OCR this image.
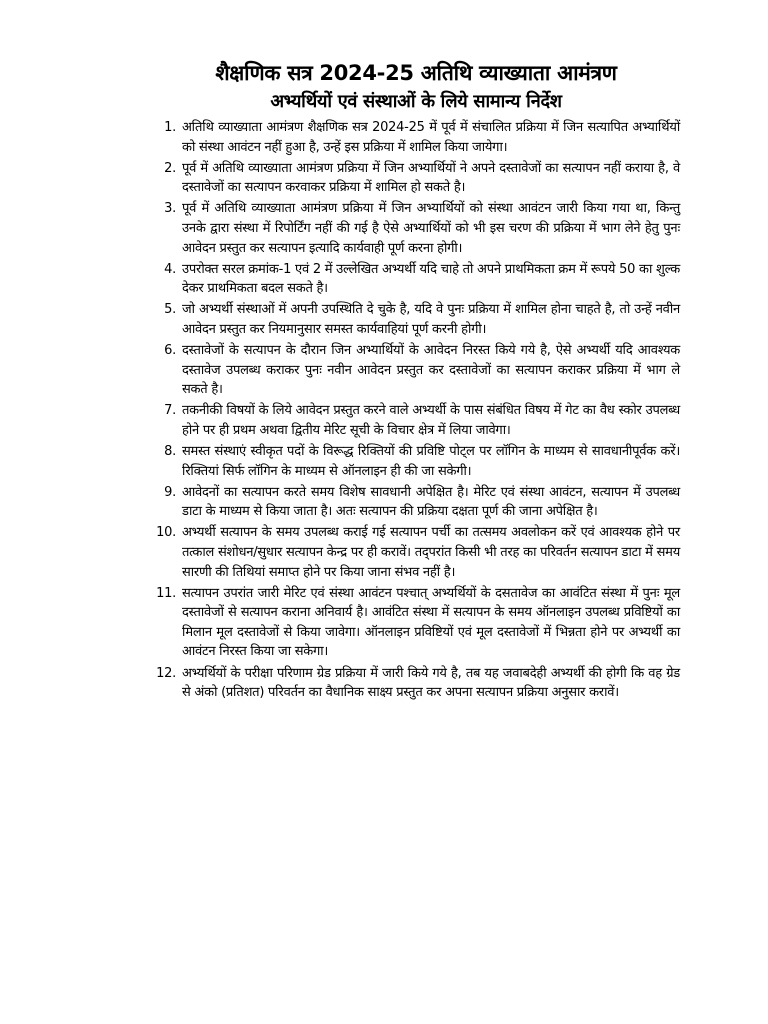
शैक्षणिक सत्र 2024-25 अतिथि व्याख्याता आमंत्रण
अभ्यर्थियों एवं संस्थाओं के लिये सामान्य निर्देश
1. अतिथि व्याख्याता आमंत्रण शैक्षणिक सत्र 2024-25 में पूर्व में संचालित प्रक्रिया में जिन सत्यापित अभ्यार्थियों को संस्था आवंटन नहीं हुआ है, उन्हें इस प्रक्रिया में शामिल किया जायेगा।
2. पूर्व में अतिथि व्याख्याता आमंत्रण प्रक्रिया में जिन अभ्यार्थियों ने अपने दस्तावेजों का सत्यापन नहीं कराया है, वे दस्तावेजों का सत्यापन करवाकर प्रक्रिया में शामिल हो सकते है।
3. पूर्व में अतिथि व्याख्याता आमंत्रण प्रक्रिया में जिन अभ्यार्थियों को संस्था आवंटन जारी किया गया था, किन्तु उनके द्वारा संस्था में रिपोर्टिंग नहीं की गई है ऐसे अभ्यार्थियों को भी इस चरण की प्रक्रिया में भाग लेने हेतु पुनः आवेदन प्रस्तुत कर सत्यापन इत्यादि कार्यवाही पूर्ण करना होगी।
4. उपरोक्त सरल क्रमांक-1 एवं 2 में उल्लेखित अभ्यर्थी यदि चाहे तो अपने प्राथमिकता क्रम में रूपये 50 का शुल्क देकर प्राथमिकता बदल सकते है।
5. जो अभ्यर्थी संस्थाओं में अपनी उपस्थिति दे चुके है, यदि वे पुनः प्रक्रिया में शामिल होना चाहते है, तो उन्हें नवीन आवेदन प्रस्तुत कर नियमानुसार समस्त कार्यवाहियां पूर्ण करनी होगी।
6. दस्तावेजों के सत्यापन के दौरान जिन अभ्यार्थियों के आवेदन निरस्त किये गये है, ऐसे अभ्यर्थी यदि आवश्यक दस्तावेज उपलब्ध कराकर पुनः नवीन आवेदन प्रस्तुत कर दस्तावेजों का सत्यापन कराकर प्रक्रिया में भाग ले सकते है।
7. तकनीकी विषयों के लिये आवेदन प्रस्तुत करने वाले अभ्यर्थी के पास संबंधित विषय में गेट का वैध स्कोर उपलब्ध होने पर ही प्रथम अथवा द्वितीय मेरिट सूची के विचार क्षेत्र में लिया जावेगा।
8. समस्त संस्थाएं स्वीकृत पदों के विरूद्ध रिक्तियों की प्रविष्टि पोट्ल पर लॉगिन के माध्यम से सावधानीपूर्वक करें। रिक्तियां सिर्फ लॉगिन के माध्यम से ऑनलाइन ही की जा सकेगी।
9. आवेदनों का सत्यापन करते समय विशेष सावधानी अपेक्षित है। मेरिट एवं संस्था आवंटन, सत्यापन में उपलब्ध डाटा के माध्यम से किया जाता है। अतः सत्यापन की प्रक्रिया दक्षता पूर्ण की जाना अपेक्षित है।
10. अभ्यर्थी सत्यापन के समय उपलब्ध कराई गई सत्यापन पर्ची का तत्समय अवलोकन करें एवं आवश्यक होने पर तत्काल संशोधन/सुधार सत्यापन केन्द्र पर ही करावें। तद्‌परांत किसी भी तरह का परिवर्तन सत्यापन डाटा में समय सारणी की तिथियां समाप्त होने पर किया जाना संभव नहीं है।
11. सत्यापन उपरांत जारी मेरिट एवं संस्था आवंटन पश्चात् अभ्यर्थियों के दसतावेज का आवंटित संस्था में पुनः मूल दस्तावेजों से सत्यापन कराना अनिवार्य है। आवंटित संस्था में सत्यापन के समय ऑनलाइन उपलब्ध प्रविष्टियों का मिलान मूल दस्तावेजों से किया जावेगा। ऑनलाइन प्रविष्टियों एवं मूल दस्तावेजों में भिन्नता होने पर अभ्यर्थी का आवंटन निरस्त किया जा सकेगा।
12. अभ्यर्थियों के परीक्षा परिणाम ग्रेड प्रक्रिया में जारी किये गये है, तब यह जवाबदेही अभ्यर्थी की होगी कि वह ग्रेड से अंको (प्रतिशत) परिवर्तन का वैधानिक साक्ष्य प्रस्तुत कर अपना सत्यापन प्रक्रिया अनुसार करावें।
